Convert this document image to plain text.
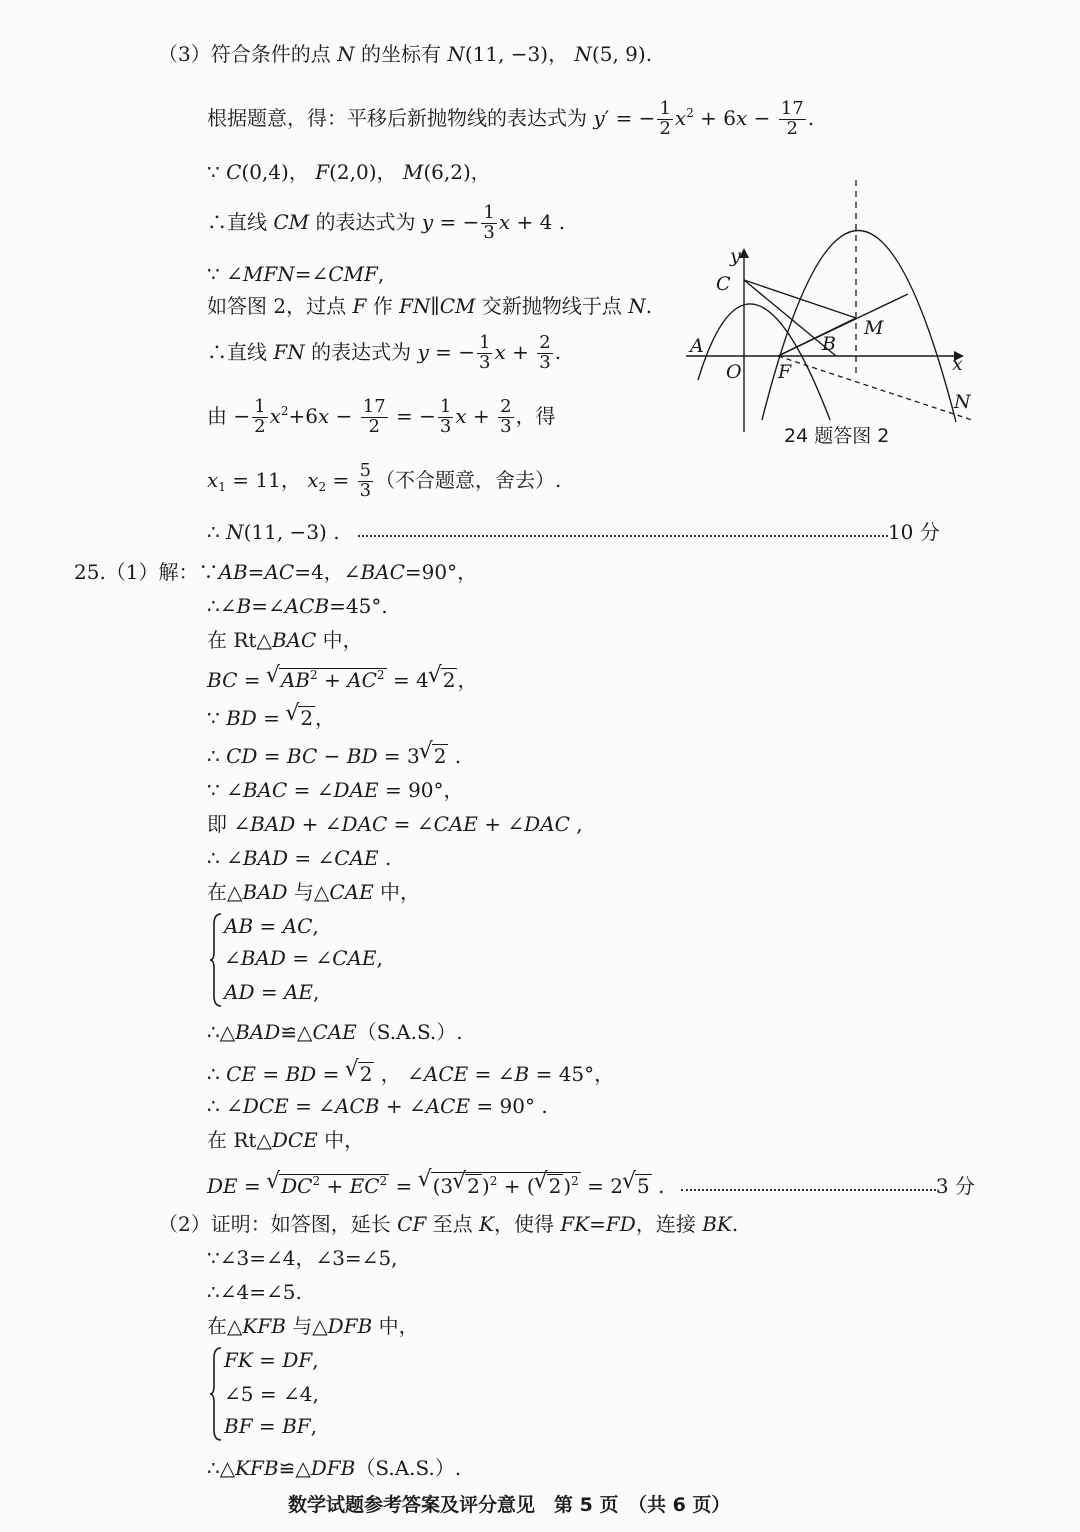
（3）符合条件的点 N 的坐标有 N(11, −3)， N(5, 9).
根据题意，得：平移后新抛物线的表达式为 y′ = − $\frac{1}{2} x^2 + 6x - \frac{17}{2}$ .
∵ C(0,4)， F(2,0)， M(6,2)，
∴直线 CM 的表达式为 y = − $\frac{1}{3}$ x + 4 .
∵ ∠MFN=∠CMF,
如答图 2，过点 F 作 FN∥CM 交新抛物线于点 N.
∴直线 FN 的表达式为 y = − $\frac{1}{3}$ $x + \frac{2}{3}$ .
由 − $\frac{1}{2} x^2+6x - \frac{17}{2}$ = − $\frac{1}{3}$ $x + \frac{2}{3}$ ，得
$x_1 = 11$， $x_2 = \frac{5}{3}$ （不合题意，舍去）.
∴ N(11, −3) .	10 分
25.（1）解：∵AB=AC=4，∠BAC=90°，
∴∠B=∠ACB=45°.
在 Rt△BAC 中，
BC = √ $AB^2 + AC^2 = 4√$ 2 ，
∵ BD = √ 2 ，
∴ CD = BC − BD = 3√ 2 .
∵ ∠BAC = ∠DAE = 90°，
即 ∠BAD + ∠DAC = ∠CAE + ∠DAC ,
∴ ∠BAD = ∠CAE .
在△BAD 与△CAE 中，
AB = AC,
∠BAD = ∠CAE,
AD = AE,
∴△BAD≌△CAE（S.A.S.）.
∴ CE = BD = √ 2 ， ∠ACE = ∠B = 45°，
∴ ∠DCE = ∠ACB + ∠ACE = 90° .
在 Rt△DCE 中，
DE = √ $DC^2 + EC^2$ = √ (3√ 2 )$^2$ + (√ 2 )$^2$ = 2√ 5 .	3 分
（2）证明：如答图，延长 CF 至点 K，使得 FK=FD，连接 BK.
∵∠3=∠4，∠3=∠5,
∴∠4=∠5.
在△KFB 与△DFB 中，
FK = DF,
∠5 = ∠4,
BF = BF,
∴△KFB≌△DFB（S.A.S.）.
数学试题参考答案及评分意见　第 5 页　（共 6 页）
y
x
C
A
O F
B
M
N
24 题答图 2
